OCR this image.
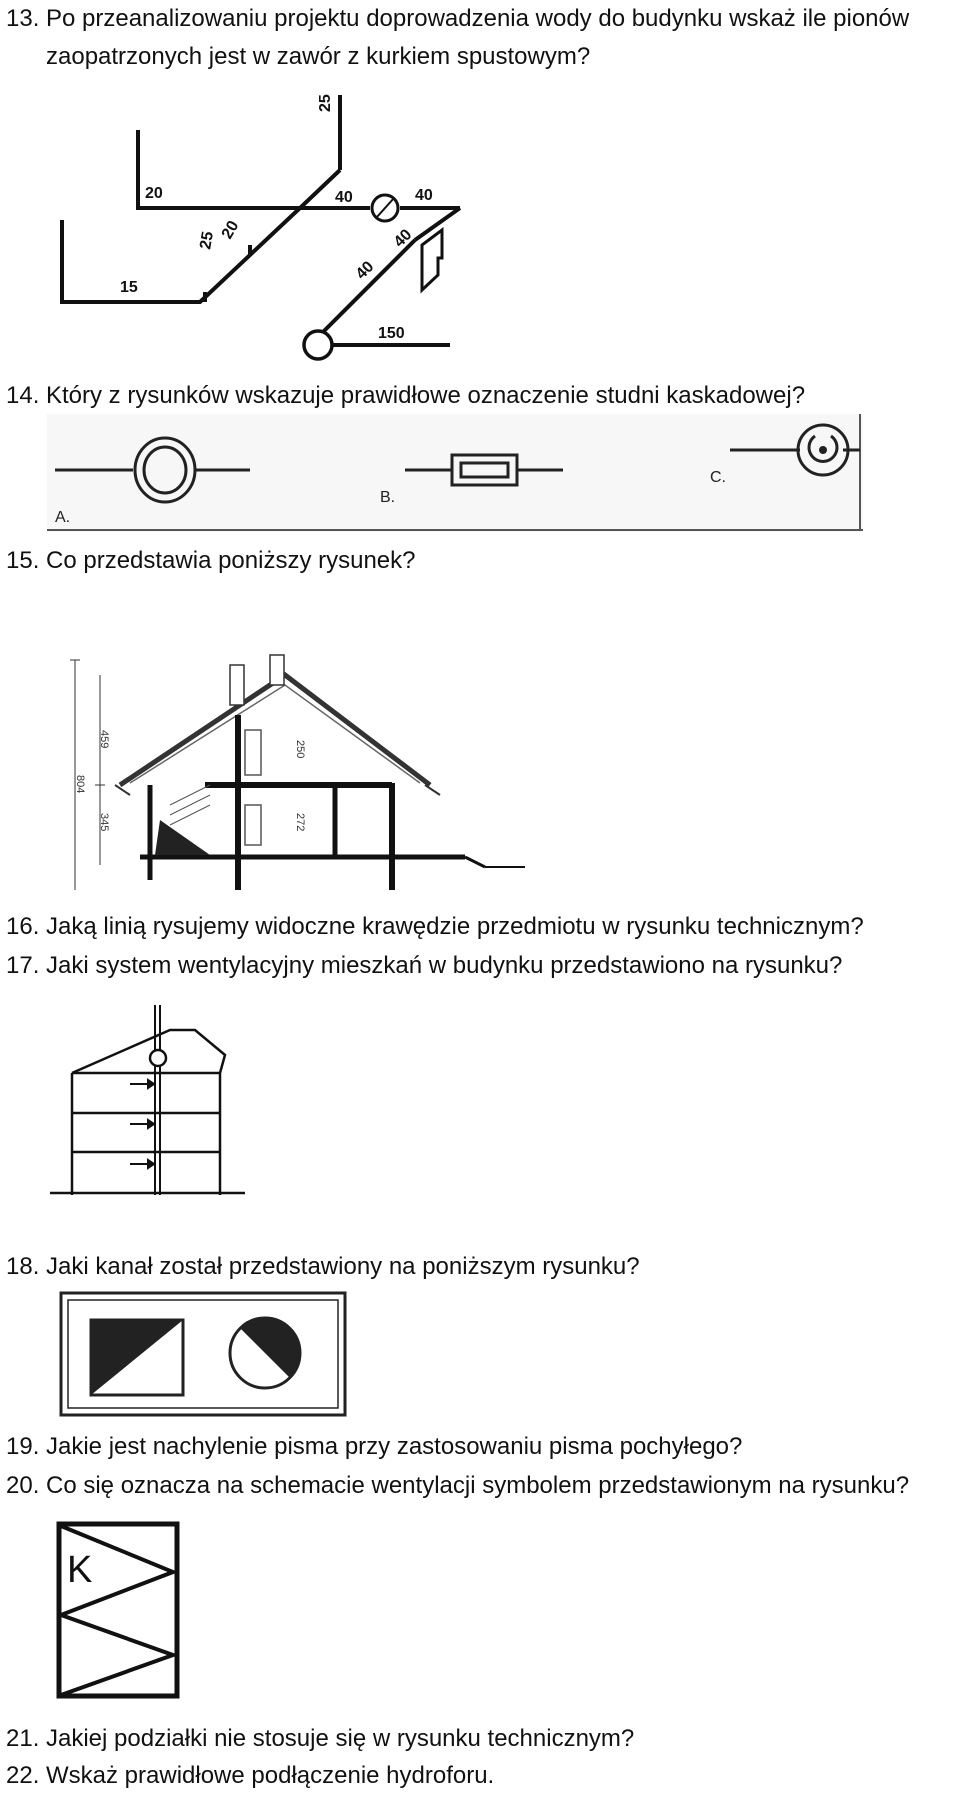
13. Po przeanalizowaniu projektu doprowadzenia wody do budynku wskaż ile pionów
zaopatrzonych jest w zawór z kurkiem spustowym?
20
25
15
25 20
40	40
40
40
150
14. Który z rysunków wskazuje prawidłowe oznaczenie studni kaskadowej?
A.
B.
C.
15. Co przedstawia poniższy rysunek?
459
804
345
250
272
16. Jaką linią rysujemy widoczne krawędzie przedmiotu w rysunku technicznym?
17. Jaki system wentylacyjny mieszkań w budynku przedstawiono na rysunku?
18. Jaki kanał został przedstawiony na poniższym rysunku?
19. Jakie jest nachylenie pisma przy zastosowaniu pisma pochyłego?
20. Co się oznacza na schemacie wentylacji symbolem przedstawionym na rysunku?
K
21. Jakiej podziałki nie stosuje się w rysunku technicznym?
22. Wskaż prawidłowe podłączenie hydroforu.
